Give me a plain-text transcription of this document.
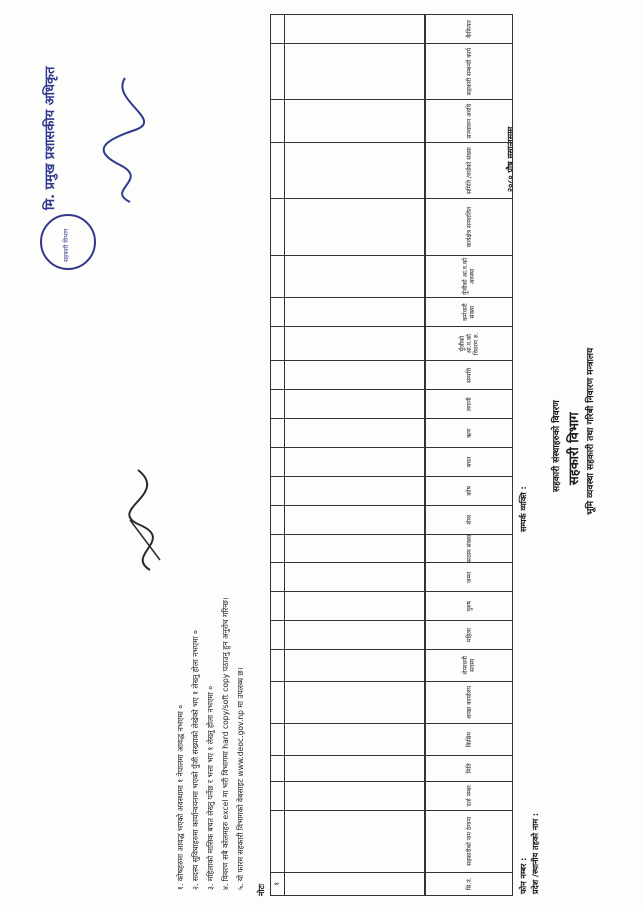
भूमि व्यवस्था सहकारी तथा गरिबी निवारण मन्त्रालय
सहकारी विभाग
सहकारी संस्थाहरुको विवरण
प्रदेश /स्थानीय तहको नाम :
फोन नम्बर :
सम्पर्क व्यक्ति :
२०८० पौष मसान्तसम्म
सि.नं.	सहकारीको नाम ठेगाना	दर्ता नम्बर	मिति	किसिम	शाखा कार्यालय	शेयरधनी सदस्य	महिला	पुरुष	जम्मा	सदस्य संख्या	शेयर	कोष	बचत	ऋण	लगानी	सम्पत्ति	पुँजीको आ.व.को विवरण रु.	कर्मचारी संख्या	पुँजीको आ.व.को अवस्था	कार्यक्षेत्र सञ्चालित	समिति /वार्डको संख्या	सञ्चालन अवधि	सहकारी सम्बन्धी कार्य	कैफियत
१																								

नोटः
१. कोषहरुमा आवद्ध भएको अवस्थामा १ नेपालमा आवद्ध नभएमा ० २. सदस्य सुविधाहरुमा कार्यान्वयनमा भएको पुँजी संख्याको लेखेको भए १ लेख्नु होला नभएमा ० ३. महिलाको मासिक बचत लेख्नु पर्नेछ र भत्ता भए १ लेख्नु होला नभएमा ० ४. विवरण सबै कोलमहरु excel मा भरी विभागमा hard copy/soft copy पठाउनु हुन अनुरोध गरिन्छ। ५. यो फारम सहकारी विभागको वेबसाइट www.deoc.gov.np मा उपलब्ध छ।
सहकारी विभाग
मि. प्रमुख प्रशासकीय अधिकृत
